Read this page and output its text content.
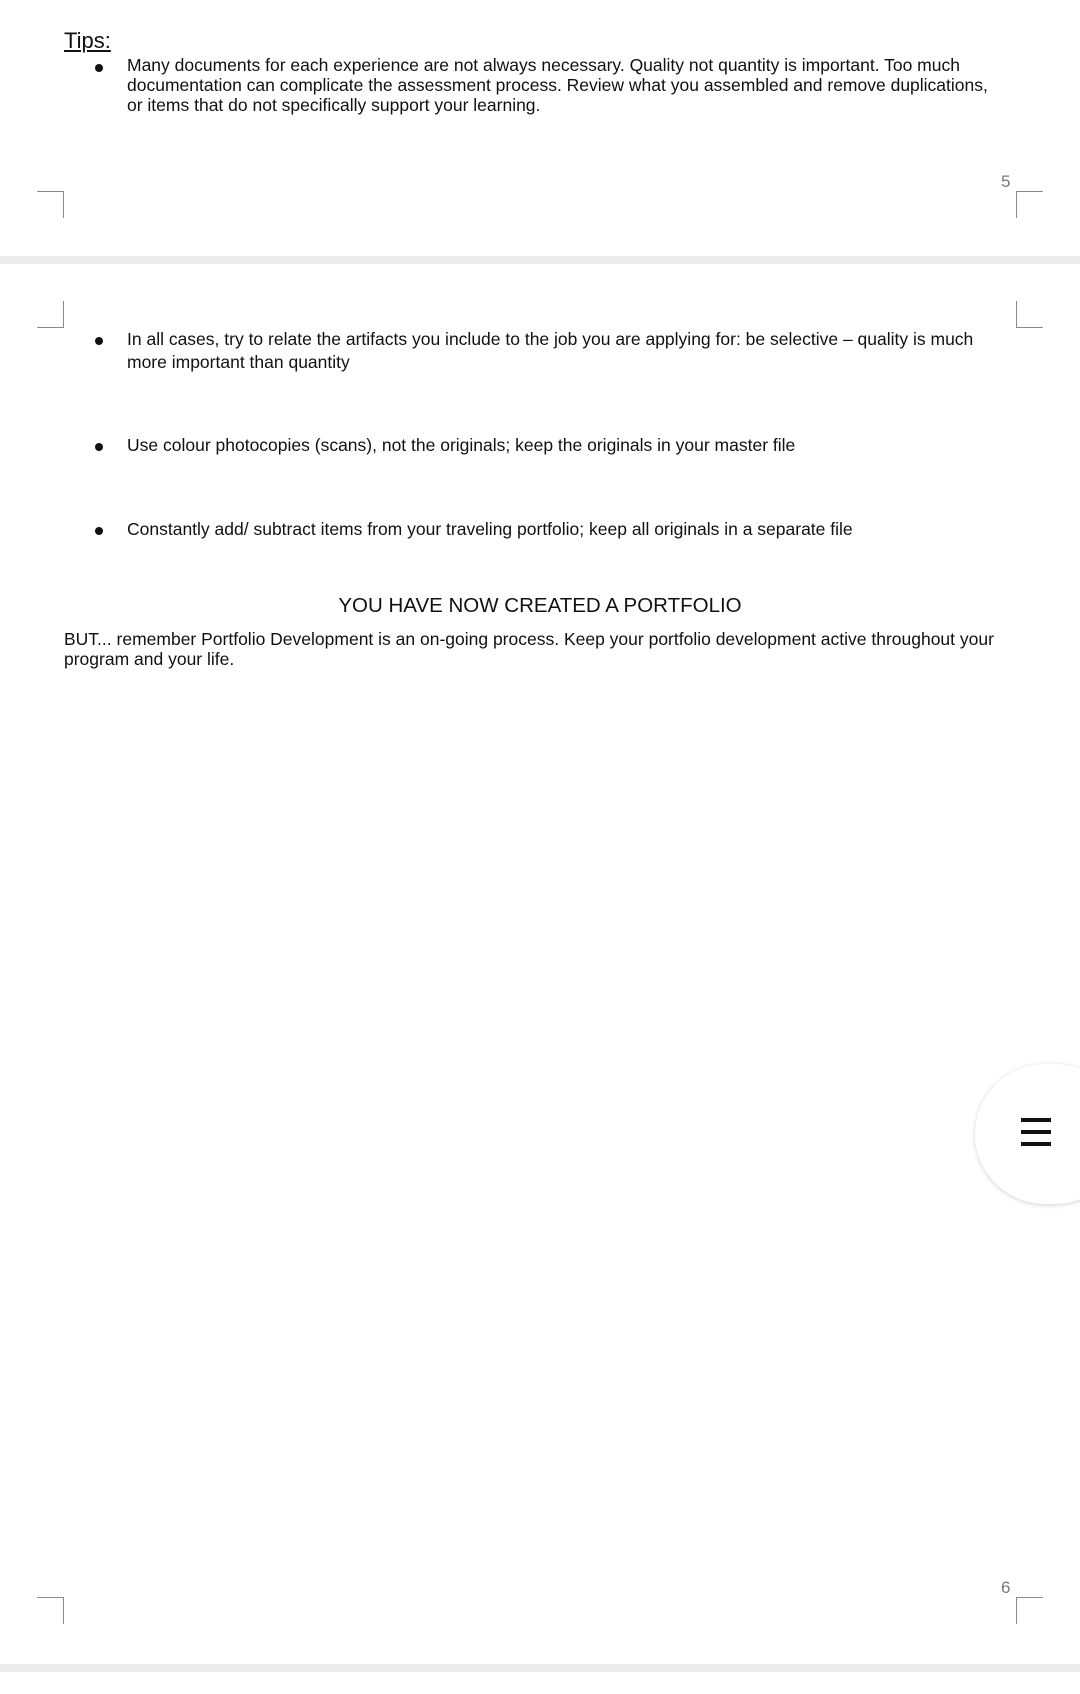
Tips:
Many documents for each experience are not always necessary. Quality not quantity is important. Too much
documentation can complicate the assessment process. Review what you assembled and remove duplications,
or items that do not specifically support your learning.
5
In all cases, try to relate the artifacts you include to the job you are applying for: be selective – quality is much
more important than quantity
Use colour photocopies (scans), not the originals; keep the originals in your master file
Constantly add/ subtract items from your traveling portfolio; keep all originals in a separate file
YOU HAVE NOW CREATED A PORTFOLIO
BUT... remember Portfolio Development is an on-going process. Keep your portfolio development active throughout your
program and your life.
6
